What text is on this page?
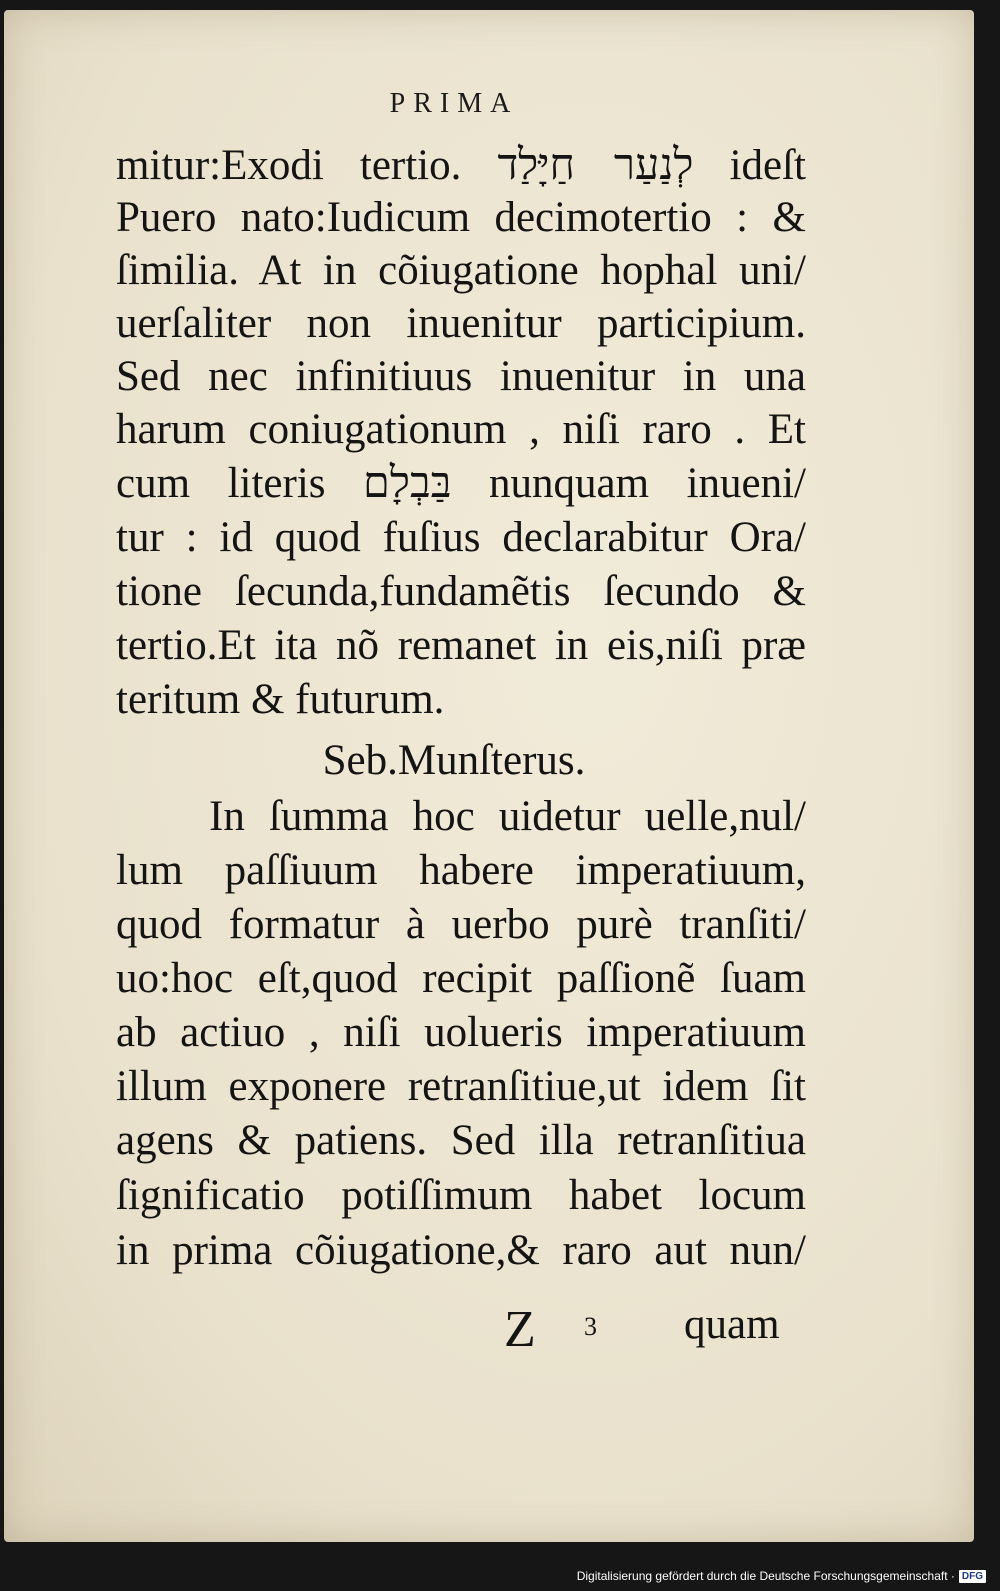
PRIMA
mitur:Exodi tertio. לְנַעַר חַיָּלַד ideſt
Puero nato:Iudicum decimotertio : &
ſimilia. At in cõiugatione hophal uni/
uerſaliter non inuenitur participium.
Sed nec infinitiuus inuenitur in una
harum coniugationum , niſi raro . Et
cum literis בַּבְלָם nunquam inueni/
tur : id quod fuſius declarabitur Ora/
tione ſecunda,fundamẽtis ſecundo &
tertio.Et ita nõ remanet in eis,niſi præ
teritum & futurum.
Seb.Munſterus.
In ſumma hoc uidetur uelle,nul/
lum paſſiuum habere imperatiuum,
quod formatur à uerbo purè tranſiti/
uo:hoc eſt,quod recipit paſſionẽ ſuam
ab actiuo , niſi uolueris imperatiuum
illum exponere retranſitiue,ut idem ſit
agens & patiens. Sed illa retranſitiua
ſignificatio potiſſimum habet locum
in prima cõiugatione,& raro aut nun/
Z 3 quam
Digitalisierung gefördert durch die Deutsche Forschungsgemeinschaft · DFG
